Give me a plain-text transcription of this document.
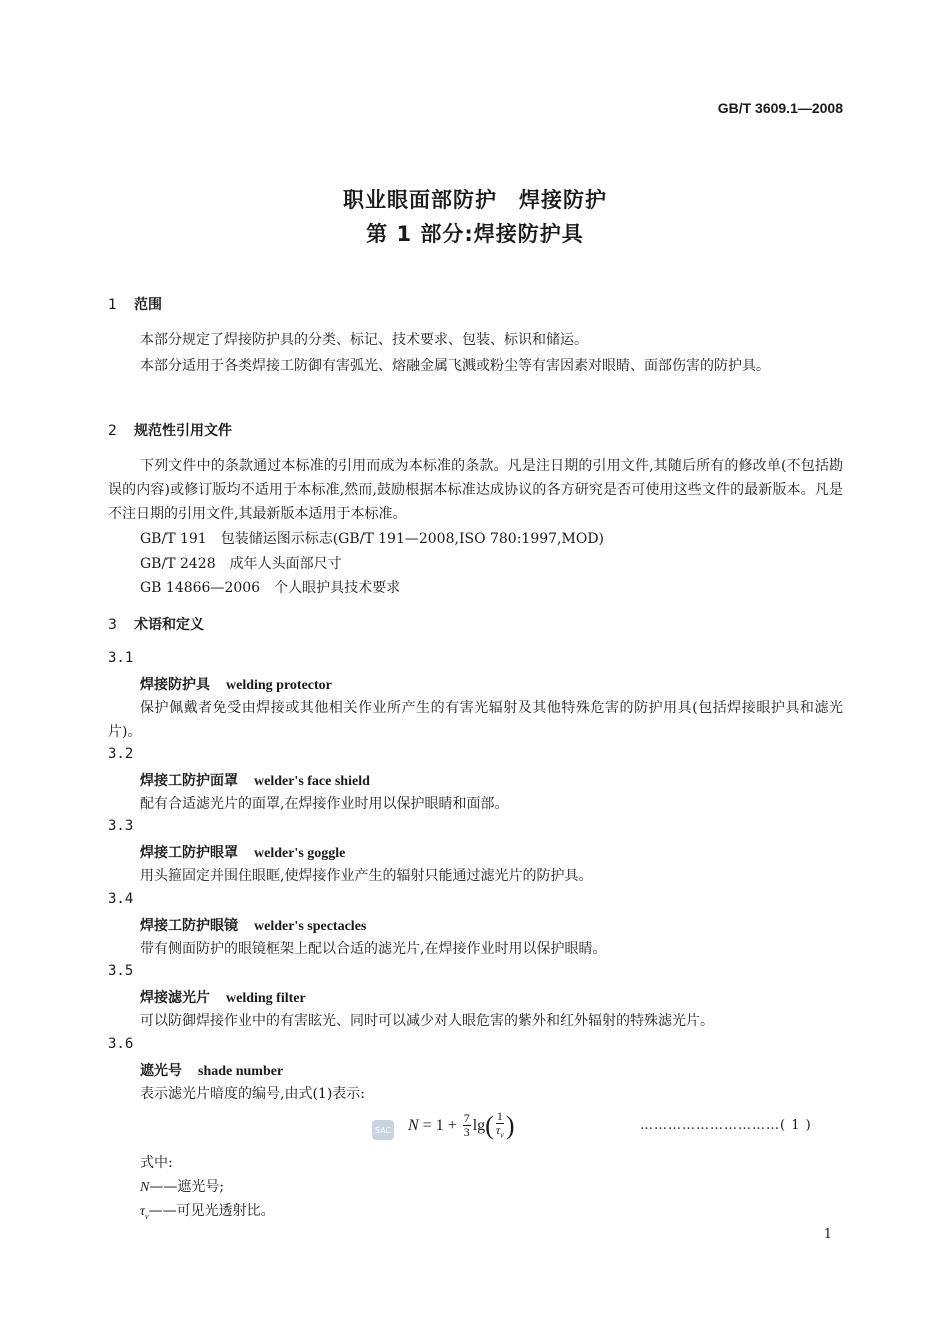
GB/T 3609.1—2008
职业眼面部防护　焊接防护
第 1 部分:焊接防护具
1 范围
本部分规定了焊接防护具的分类、标记、技术要求、包装、标识和储运。
本部分适用于各类焊接工防御有害弧光、熔融金属飞溅或粉尘等有害因素对眼睛、面部伤害的防护具。
2 规范性引用文件
下列文件中的条款通过本标准的引用而成为本标准的条款。凡是注日期的引用文件,其随后所有的修改单(不包括勘误的内容)或修订版均不适用于本标准,然而,鼓励根据本标准达成协议的各方研究是否可使用这些文件的最新版本。凡是不注日期的引用文件,其最新版本适用于本标准。
GB/T 191 包装储运图示标志(GB/T 191—2008,ISO 780:1997,MOD)
GB/T 2428 成年人头面部尺寸
GB 14866—2006 个人眼护具技术要求
3 术语和定义
3.1
焊接防护具 welding protector
保护佩戴者免受由焊接或其他相关作业所产生的有害光辐射及其他特殊危害的防护用具(包括焊接眼护具和滤光片)。
3.2
焊接工防护面罩 welder's face shield
配有合适滤光片的面罩,在焊接作业时用以保护眼睛和面部。
3.3
焊接工防护眼罩 welder's goggle
用头箍固定并围住眼眶,使焊接作业产生的辐射只能通过滤光片的防护具。
3.4
焊接工防护眼镜 welder's spectacles
带有侧面防护的眼镜框架上配以合适的滤光片,在焊接作业时用以保护眼睛。
3.5
焊接滤光片 welding filter
可以防御焊接作业中的有害眩光、同时可以减少对人眼危害的紫外和红外辐射的特殊滤光片。
3.6
遮光号 shade number
表示滤光片暗度的编号,由式(1)表示:
SAC $N = 1 + \frac{7}{3}$ lg ( $\frac{1}{\tau_v}$ )	…………………………( 1 )
式中:
N——遮光号;
$\tau_v——$可见光透射比。
1
